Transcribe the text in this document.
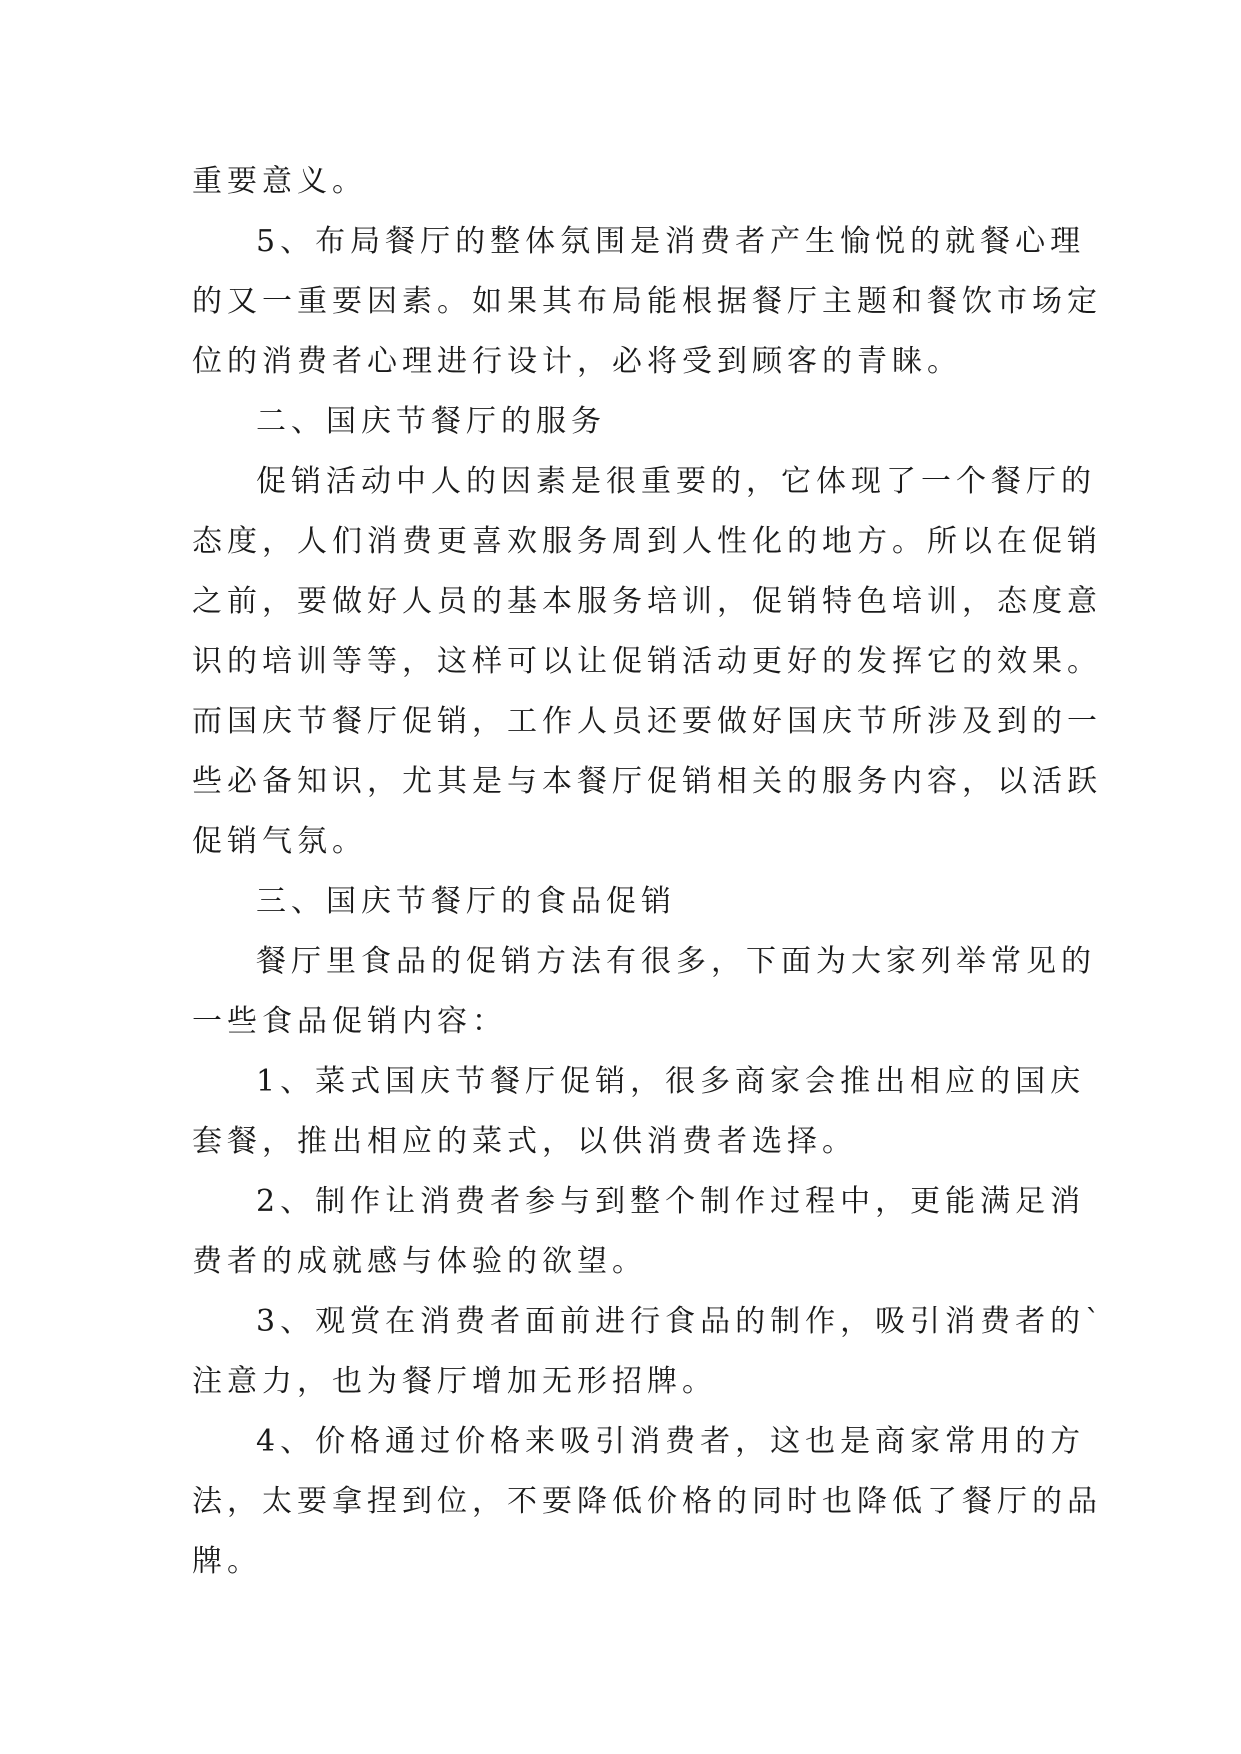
重要意义。
5、布局餐厅的整体氛围是消费者产生愉悦的就餐心理
的又一重要因素。如果其布局能根据餐厅主题和餐饮市场定
位的消费者心理进行设计，必将受到顾客的青睐。
二、国庆节餐厅的服务
促销活动中人的因素是很重要的，它体现了一个餐厅的
态度，人们消费更喜欢服务周到人性化的地方。所以在促销
之前，要做好人员的基本服务培训，促销特色培训，态度意
识的培训等等，这样可以让促销活动更好的发挥它的效果。
而国庆节餐厅促销，工作人员还要做好国庆节所涉及到的一
些必备知识，尤其是与本餐厅促销相关的服务内容，以活跃
促销气氛。
三、国庆节餐厅的食品促销
餐厅里食品的促销方法有很多，下面为大家列举常见的
一些食品促销内容：
1、菜式国庆节餐厅促销，很多商家会推出相应的国庆
套餐，推出相应的菜式，以供消费者选择。
2、制作让消费者参与到整个制作过程中，更能满足消
费者的成就感与体验的欲望。
3、观赏在消费者面前进行食品的制作，吸引消费者的`
注意力，也为餐厅增加无形招牌。
4、价格通过价格来吸引消费者，这也是商家常用的方
法，太要拿捏到位，不要降低价格的同时也降低了餐厅的品
牌。
